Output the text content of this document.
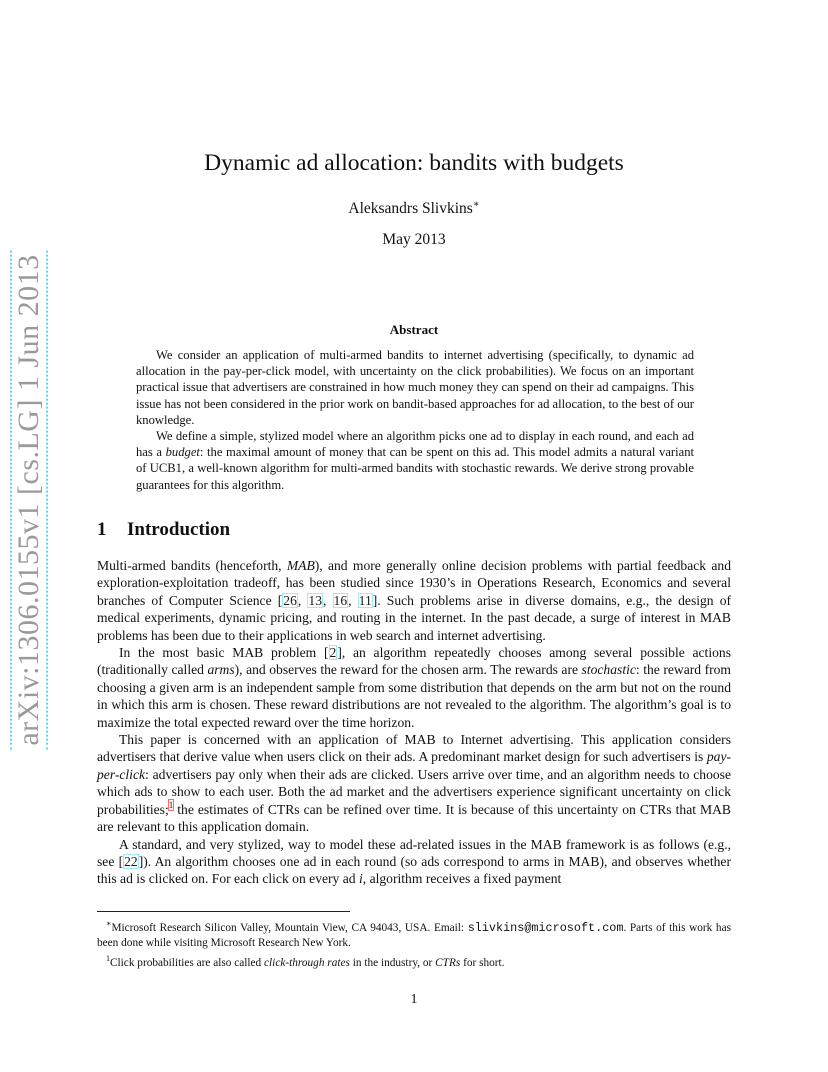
arXiv:1306.0155v1 [cs.LG] 1 Jun 2013
Dynamic ad allocation: bandits with budgets
Aleksandrs Slivkins∗
May 2013
Abstract

We consider an application of multi-armed bandits to internet advertising (specifically, to dynamic ad allocation in the pay-per-click model, with uncertainty on the click probabilities). We focus on an important practical issue that advertisers are constrained in how much money they can spend on their ad campaigns. This issue has not been considered in the prior work on bandit-based approaches for ad allocation, to the best of our knowledge.

We define a simple, stylized model where an algorithm picks one ad to display in each round, and each ad has a budget: the maximal amount of money that can be spent on this ad. This model admits a natural variant of UCB1, a well-known algorithm for multi-armed bandits with stochastic rewards. We derive strong provable guarantees for this algorithm.

1 Introduction

Multi-armed bandits (henceforth, MAB), and more generally online decision problems with partial feedback and exploration-exploitation tradeoff, has been studied since 1930’s in Operations Research, Economics and several branches of Computer Science [26, 13, 16, 11]. Such problems arise in diverse domains, e.g., the design of medical experiments, dynamic pricing, and routing in the internet. In the past decade, a surge of interest in MAB problems has been due to their applications in web search and internet advertising.

In the most basic MAB problem [2], an algorithm repeatedly chooses among several possible actions (traditionally called arms), and observes the reward for the chosen arm. The rewards are stochastic: the reward from choosing a given arm is an independent sample from some distribution that depends on the arm but not on the round in which this arm is chosen. These reward distributions are not revealed to the algorithm. The algorithm’s goal is to maximize the total expected reward over the time horizon.

This paper is concerned with an application of MAB to Internet advertising. This application considers advertisers that derive value when users click on their ads. A predominant market design for such advertisers is pay-per-click: advertisers pay only when their ads are clicked. Users arrive over time, and an algorithm needs to choose which ads to show to each user. Both the ad market and the advertisers experience significant uncertainty on click probabilities;$^1$ the estimates of CTRs can be refined over time. It is because of this uncertainty on CTRs that MAB are relevant to this application domain.

A standard, and very stylized, way to model these ad-related issues in the MAB framework is as follows (e.g., see [22]). An algorithm chooses one ad in each round (so ads correspond to arms in MAB), and observes whether this ad is clicked on. For each click on every ad i, algorithm receives a fixed payment

∗Microsoft Research Silicon Valley, Mountain View, CA 94043, USA. Email: slivkins@microsoft.com. Parts of this work has been done while visiting Microsoft Research New York.

$^1$Click probabilities are also called click-through rates in the industry, or CTRs for short.

1
